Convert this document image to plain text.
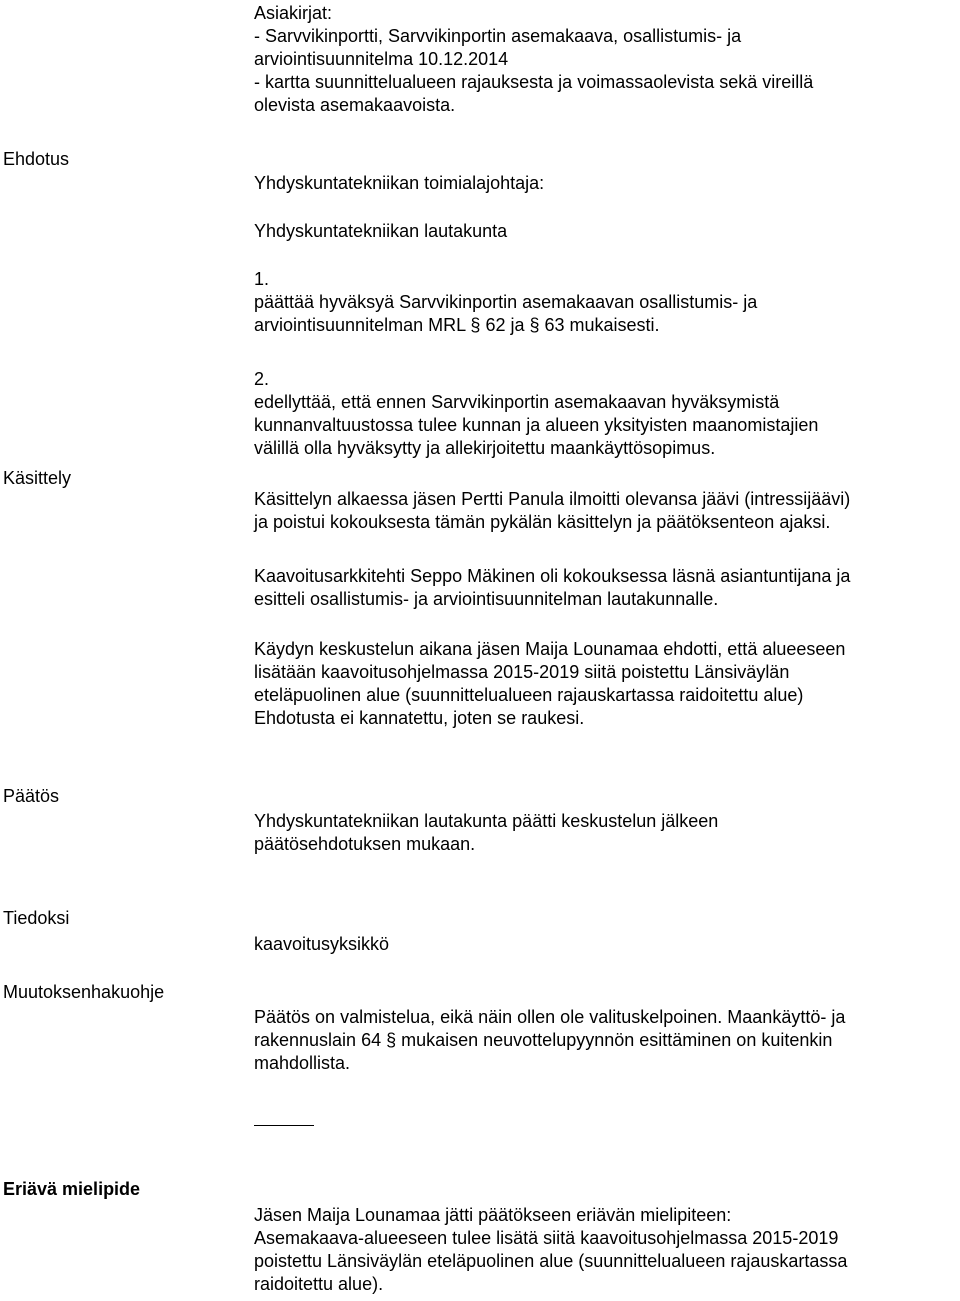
Asiakirjat:
- Sarvvikinportti, Sarvvikinportin asemakaava, osallistumis- ja
arviointisuunnitelma 10.12.2014
- kartta suunnittelualueen rajauksesta ja voimassaolevista sekä vireillä
olevista asemakaavoista.
Ehdotus
Yhdyskuntatekniikan toimialajohtaja:
Yhdyskuntatekniikan lautakunta
1.
päättää hyväksyä Sarvvikinportin asemakaavan osallistumis- ja
arviointisuunnitelman MRL § 62 ja § 63 mukaisesti.
2.
edellyttää, että ennen Sarvvikinportin asemakaavan hyväksymistä
kunnanvaltuustossa tulee kunnan ja alueen yksityisten maanomistajien
välillä olla hyväksytty ja allekirjoitettu maankäyttösopimus.
Käsittely
Käsittelyn alkaessa jäsen Pertti Panula ilmoitti olevansa jäävi (intressijäävi)
ja poistui kokouksesta tämän pykälän käsittelyn ja päätöksenteon ajaksi.
Kaavoitusarkkitehti Seppo Mäkinen oli kokouksessa läsnä asiantuntijana ja
esitteli osallistumis- ja arviointisuunnitelman lautakunnalle.
Käydyn keskustelun aikana jäsen Maija Lounamaa ehdotti, että alueeseen
lisätään kaavoitusohjelmassa 2015-2019 siitä poistettu Länsiväylän
eteläpuolinen alue (suunnittelualueen rajauskartassa raidoitettu alue)
Ehdotusta ei kannatettu, joten se raukesi.
Päätös
Yhdyskuntatekniikan lautakunta päätti keskustelun jälkeen
päätösehdotuksen mukaan.
Tiedoksi
kaavoitusyksikkö
Muutoksenhakuohje
Päätös on valmistelua, eikä näin ollen ole valituskelpoinen. Maankäyttö- ja
rakennuslain 64 § mukaisen neuvottelupyynnön esittäminen on kuitenkin
mahdollista.
Eriävä mielipide
Jäsen Maija Lounamaa jätti päätökseen eriävän mielipiteen:
Asemakaava-alueeseen tulee lisätä siitä kaavoitusohjelmassa 2015-2019
poistettu Länsiväylän eteläpuolinen alue (suunnittelualueen rajauskartassa
raidoitettu alue).
